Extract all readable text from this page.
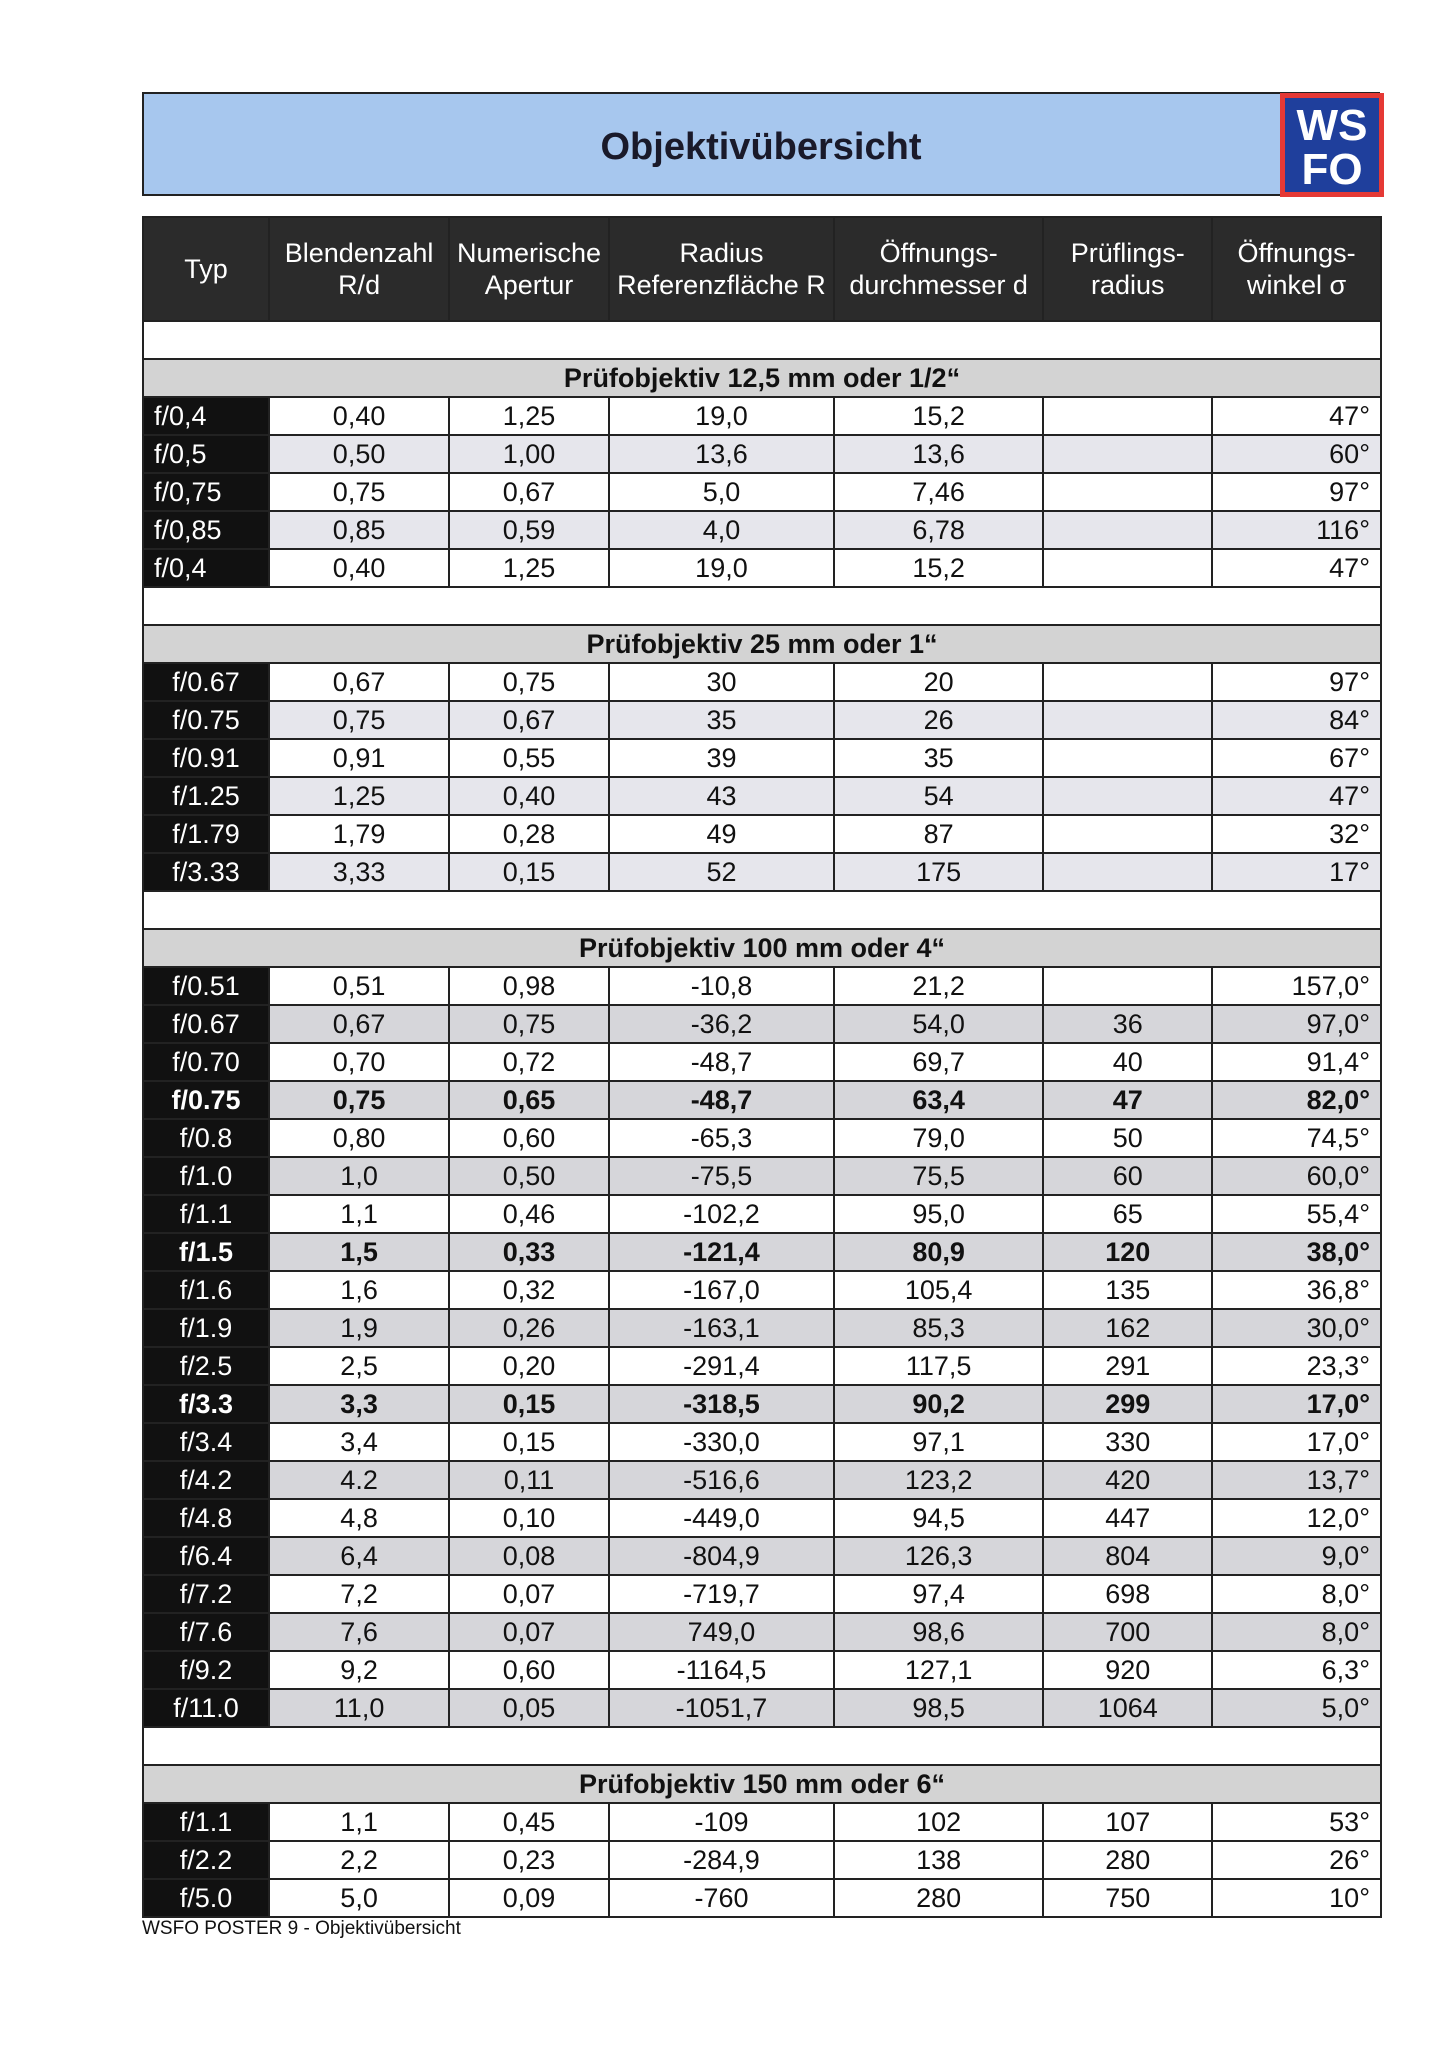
Objektivübersicht	WS
FO
Typ	Blendenzahl R/d	Numerische Apertur	Radius Referenzfläche R	Öffnungs-durchmesser d	Prüflings-radius	Öffnungs-winkel σ

Prüfobjektiv 12,5 mm oder 1/2“						
f/0,4	0,40	1,25	19,0	15,2		47°
f/0,5	0,50	1,00	13,6	13,6		60°
f/0,75	0,75	0,67	5,0	7,46		97°
f/0,85	0,85	0,59	4,0	6,78		116°
f/0,4	0,40	1,25	19,0	15,2		47°

Prüfobjektiv 25 mm oder 1“						
f/0.67	0,67	0,75	30	20		97°
f/0.75	0,75	0,67	35	26		84°
f/0.91	0,91	0,55	39	35		67°
f/1.25	1,25	0,40	43	54		47°
f/1.79	1,79	0,28	49	87		32°
f/3.33	3,33	0,15	52	175		17°

Prüfobjektiv 100 mm oder 4“						
f/0.51	0,51	0,98	-10,8	21,2		157,0°
f/0.67	0,67	0,75	-36,2	54,0	36	97,0°
f/0.70	0,70	0,72	-48,7	69,7	40	91,4°
f/0.75	0,75	0,65	-48,7	63,4	47	82,0°
f/0.8	0,80	0,60	-65,3	79,0	50	74,5°
f/1.0	1,0	0,50	-75,5	75,5	60	60,0°
f/1.1	1,1	0,46	-102,2	95,0	65	55,4°
f/1.5	1,5	0,33	-121,4	80,9	120	38,0°
f/1.6	1,6	0,32	-167,0	105,4	135	36,8°
f/1.9	1,9	0,26	-163,1	85,3	162	30,0°
f/2.5	2,5	0,20	-291,4	117,5	291	23,3°
f/3.3	3,3	0,15	-318,5	90,2	299	17,0°
f/3.4	3,4	0,15	-330,0	97,1	330	17,0°
f/4.2	4.2	0,11	-516,6	123,2	420	13,7°
f/4.8	4,8	0,10	-449,0	94,5	447	12,0°
f/6.4	6,4	0,08	-804,9	126,3	804	9,0°
f/7.2	7,2	0,07	-719,7	97,4	698	8,0°
f/7.6	7,6	0,07	749,0	98,6	700	8,0°
f/9.2	9,2	0,60	-1164,5	127,1	920	6,3°
f/11.0	11,0	0,05	-1051,7	98,5	1064	5,0°

Prüfobjektiv 150 mm oder 6“						
f/1.1	1,1	0,45	-109	102	107	53°
f/2.2	2,2	0,23	-284,9	138	280	26°
f/5.0	5,0	0,09	-760	280	750	10°
WSFO POSTER 9 - Objektivübersicht
